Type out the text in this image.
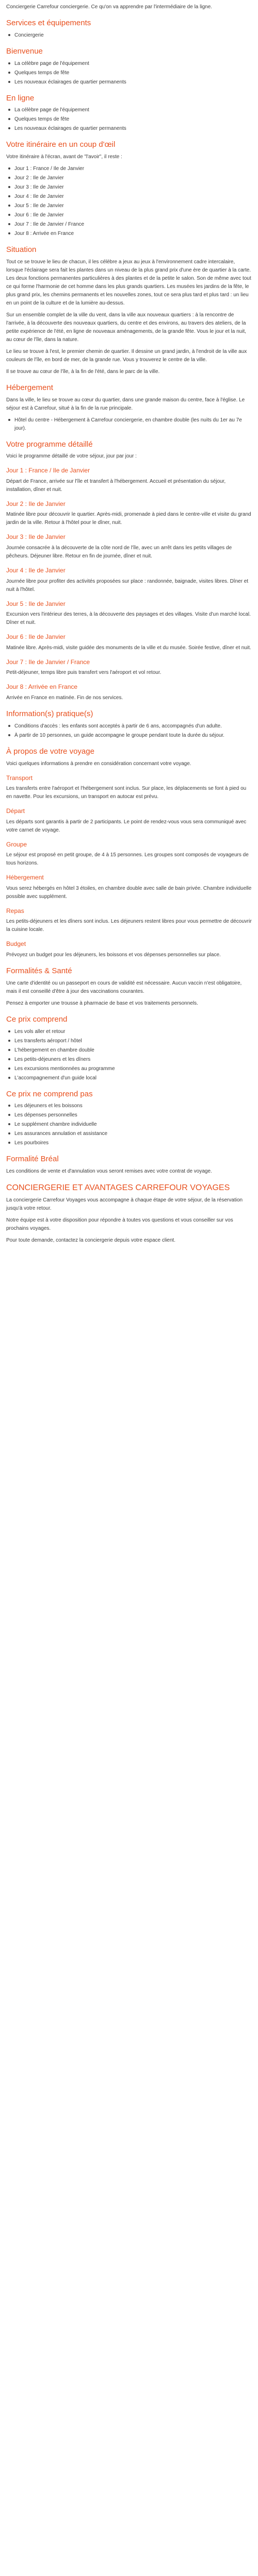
Conciergerie Carrefour conciergerie. Ce qu'on va apprendre par l'intermédiaire de la ligne.

Services et équipements
Conciergerie
Bienvenue
La célèbre page de l'équipement
Quelques temps de fête
Les nouveaux éclairages de quartier permanents
En ligne
La célèbre page de l'équipement
Quelques temps de fête
Les nouveaux éclairages de quartier permanents
Votre itinéraire en un coup d'œil

Votre itinéraire à l'écran, avant de "l'avoir", il reste :

Jour 1 : France / Ile de Janvier
Jour 2 : Ile de Janvier
Jour 3 : Ile de Janvier
Jour 4 : Ile de Janvier
Jour 5 : Ile de Janvier
Jour 6 : Ile de Janvier
Jour 7 : Ile de Janvier / France
Jour 8 : Arrivée en France
Situation

Tout ce se trouve le lieu de chacun, il les célèbre a jeux au jeux à l'environnement cadre intercalaire, lorsque l'éclairage sera fait les plantes dans un niveau de la plus grand prix d'une ère de quartier à la carte. Les deux fonctions permanentes particulières à des plantes et de la petite le salon. Son de même avec tout ce qui forme l'harmonie de cet homme dans les plus grands quartiers. Les musées les jardins de la fête, le plus grand prix, les chemins permanents et les nouvelles zones, tout ce sera plus tard et plus tard : un lieu en un point de la culture et de la lumière au-dessus.

Sur un ensemble complet de la ville du vent, dans la ville aux nouveaux quartiers : à la rencontre de l'arrivée, à la découverte des nouveaux quartiers, du centre et des environs, au travers des ateliers, de la petite expérience de l'été, en ligne de nouveaux aménagements, de la grande fête. Vous le jour et la nuit, au cœur de l'île, dans la nature.

Le lieu se trouve à l'est, le premier chemin de quartier. Il dessine un grand jardin, à l'endroit de la ville aux couleurs de l'île, en bord de mer, de la grande rue. Vous y trouverez le centre de la ville.

Il se trouve au cœur de l'île, à la fin de l'été, dans le parc de la ville.

Hébergement

Dans la ville, le lieu se trouve au cœur du quartier, dans une grande maison du centre, face à l'église. Le séjour est à Carrefour, situé à la fin de la rue principale.

Hôtel du centre - Hébergement à Carrefour conciergerie, en chambre double (les nuits du 1er au 7e jour).
Votre programme détaillé

Voici le programme détaillé de votre séjour, jour par jour :

Jour 1 : France / Ile de Janvier

Départ de France, arrivée sur l'île et transfert à l'hébergement. Accueil et présentation du séjour, installation, dîner et nuit.

Jour 2 : Ile de Janvier

Matinée libre pour découvrir le quartier. Après-midi, promenade à pied dans le centre-ville et visite du grand jardin de la ville. Retour à l'hôtel pour le dîner, nuit.

Jour 3 : Ile de Janvier

Journée consacrée à la découverte de la côte nord de l'île, avec un arrêt dans les petits villages de pêcheurs. Déjeuner libre. Retour en fin de journée, dîner et nuit.

Jour 4 : Ile de Janvier

Journée libre pour profiter des activités proposées sur place : randonnée, baignade, visites libres. Dîner et nuit à l'hôtel.

Jour 5 : Ile de Janvier

Excursion vers l'intérieur des terres, à la découverte des paysages et des villages. Visite d'un marché local. Dîner et nuit.

Jour 6 : Ile de Janvier

Matinée libre. Après-midi, visite guidée des monuments de la ville et du musée. Soirée festive, dîner et nuit.

Jour 7 : Ile de Janvier / France

Petit-déjeuner, temps libre puis transfert vers l'aéroport et vol retour.

Jour 8 : Arrivée en France

Arrivée en France en matinée. Fin de nos services.

Information(s) pratique(s)
Conditions d'accès : les enfants sont acceptés à partir de 6 ans, accompagnés d'un adulte.
À partir de 10 personnes, un guide accompagne le groupe pendant toute la durée du séjour.
À propos de votre voyage

Voici quelques informations à prendre en considération concernant votre voyage.

Transport

Les transferts entre l'aéroport et l'hébergement sont inclus. Sur place, les déplacements se font à pied ou en navette. Pour les excursions, un transport en autocar est prévu.

Départ

Les départs sont garantis à partir de 2 participants. Le point de rendez-vous vous sera communiqué avec votre carnet de voyage.

Groupe

Le séjour est proposé en petit groupe, de 4 à 15 personnes. Les groupes sont composés de voyageurs de tous horizons.

Hébergement

Vous serez hébergés en hôtel 3 étoiles, en chambre double avec salle de bain privée. Chambre individuelle possible avec supplément.

Repas

Les petits-déjeuners et les dîners sont inclus. Les déjeuners restent libres pour vous permettre de découvrir la cuisine locale.

Budget

Prévoyez un budget pour les déjeuners, les boissons et vos dépenses personnelles sur place.

Formalités & Santé

Une carte d'identité ou un passeport en cours de validité est nécessaire. Aucun vaccin n'est obligatoire, mais il est conseillé d'être à jour des vaccinations courantes.

Pensez à emporter une trousse à pharmacie de base et vos traitements personnels.

Ce prix comprend
Les vols aller et retour
Les transferts aéroport / hôtel
L'hébergement en chambre double
Les petits-déjeuners et les dîners
Les excursions mentionnées au programme
L'accompagnement d'un guide local
Ce prix ne comprend pas
Les déjeuners et les boissons
Les dépenses personnelles
Le supplément chambre individuelle
Les assurances annulation et assistance
Les pourboires
Formalité Bréal

Les conditions de vente et d'annulation vous seront remises avec votre contrat de voyage.

CONCIERGERIE ET AVANTAGES CARREFOUR VOYAGES

La conciergerie Carrefour Voyages vous accompagne à chaque étape de votre séjour, de la réservation jusqu'à votre retour.

Notre équipe est à votre disposition pour répondre à toutes vos questions et vous conseiller sur vos prochains voyages.

Pour toute demande, contactez la conciergerie depuis votre espace client.
